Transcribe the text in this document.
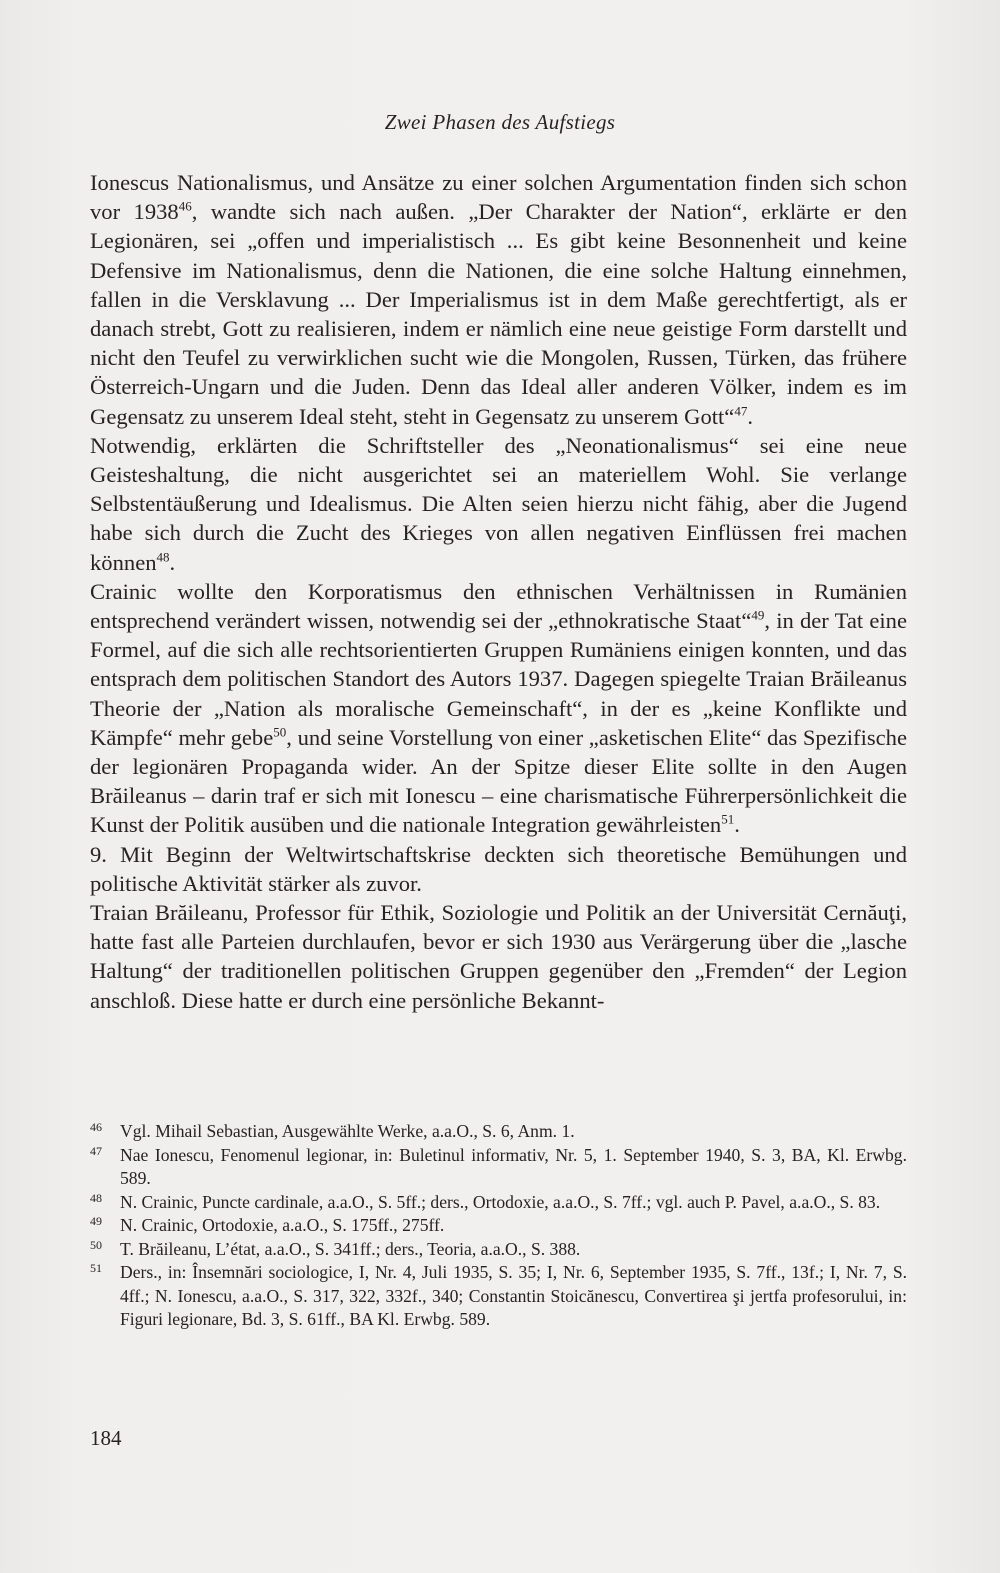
Zwei Phasen des Aufstiegs

Ionescus Nationalismus, und Ansätze zu einer solchen Argumentation finden sich schon vor 1938$^{46}$, wandte sich nach außen. „Der Charakter der Nation“, erklärte er den Legionären, sei „offen und imperialistisch ... Es gibt keine Besonnenheit und keine Defensive im Nationalismus, denn die Nationen, die eine solche Haltung einnehmen, fallen in die Versklavung ... Der Imperialismus ist in dem Maße gerechtfertigt, als er danach strebt, Gott zu realisieren, indem er nämlich eine neue geistige Form darstellt und nicht den Teufel zu verwirklichen sucht wie die Mongolen, Russen, Türken, das frühere Österreich-Ungarn und die Juden. Denn das Ideal aller anderen Völker, indem es im Gegensatz zu unserem Ideal steht, steht in Gegensatz zu unserem Gott“$^{47}$.

Notwendig, erklärten die Schriftsteller des „Neonationalismus“ sei eine neue Geisteshaltung, die nicht ausgerichtet sei an materiellem Wohl. Sie verlange Selbstentäußerung und Idealismus. Die Alten seien hierzu nicht fähig, aber die Jugend habe sich durch die Zucht des Krieges von allen negativen Einflüssen frei machen können$^{48}$.

Crainic wollte den Korporatismus den ethnischen Verhältnissen in Rumänien entsprechend verändert wissen, notwendig sei der „ethnokratische Staat“$^{49}$, in der Tat eine Formel, auf die sich alle rechtsorientierten Gruppen Rumäniens einigen konnten, und das entsprach dem politischen Standort des Autors 1937. Dagegen spiegelte Traian Brăileanus Theorie der „Nation als moralische Gemeinschaft“, in der es „keine Konflikte und Kämpfe“ mehr gebe$^{50}$, und seine Vorstellung von einer „asketischen Elite“ das Spezifische der legionären Propaganda wider. An der Spitze dieser Elite sollte in den Augen Brăileanus – darin traf er sich mit Ionescu – eine charismatische Führerpersönlichkeit die Kunst der Politik ausüben und die nationale Integration gewährleisten$^{51}$.

9. Mit Beginn der Weltwirtschaftskrise deckten sich theoretische Bemühungen und politische Aktivität stärker als zuvor.

Traian Brăileanu, Professor für Ethik, Soziologie und Politik an der Universität Cernăuţi, hatte fast alle Parteien durchlaufen, bevor er sich 1930 aus Verärgerung über die „lasche Haltung“ der traditionellen politischen Gruppen gegenüber den „Fremden“ der Legion anschloß. Diese hatte er durch eine persönliche Bekannt-

46 Vgl. Mihail Sebastian, Ausgewählte Werke, a.a.O., S. 6, Anm. 1.

47 Nae Ionescu, Fenomenul legionar, in: Buletinul informativ, Nr. 5, 1. September 1940, S. 3, BA, Kl. Erwbg. 589.

48 N. Crainic, Puncte cardinale, a.a.O., S. 5ff.; ders., Ortodoxie, a.a.O., S. 7ff.; vgl. auch P. Pavel, a.a.O., S. 83.

49 N. Crainic, Ortodoxie, a.a.O., S. 175ff., 275ff.

50 T. Brăileanu, L’état, a.a.O., S. 341ff.; ders., Teoria, a.a.O., S. 388.

51 Ders., in: Însemnări sociologice, I, Nr. 4, Juli 1935, S. 35; I, Nr. 6, September 1935, S. 7ff., 13f.; I, Nr. 7, S. 4ff.; N. Ionescu, a.a.O., S. 317, 322, 332f., 340; Constantin Stoicănescu, Convertirea şi jertfa profesorului, in: Figuri legionare, Bd. 3, S. 61ff., BA Kl. Erwbg. 589.

184
